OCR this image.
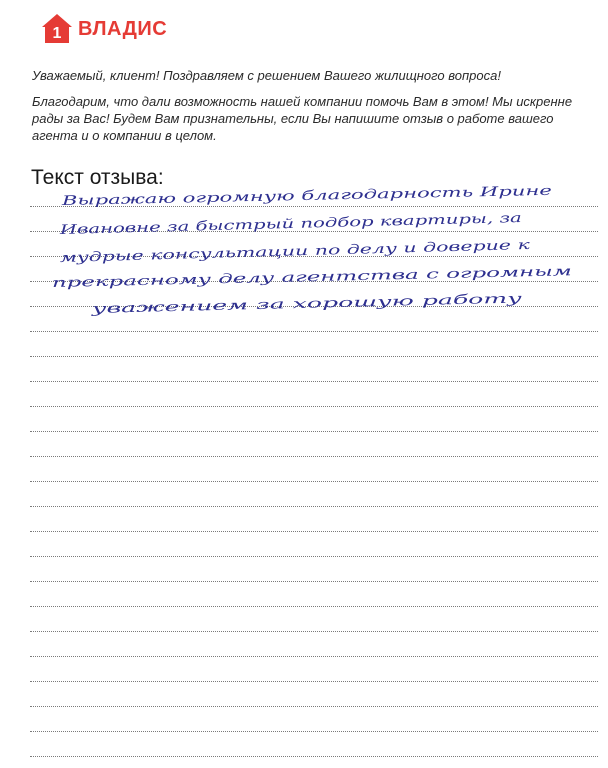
1 ВЛАДИС

Уважаемый, клиент! Поздравляем с решением Вашего жилищного вопроса!

Благодарим, что дали возможность нашей компании помочь Вам в этом! Мы искренне рады за Вас! Будем Вам признательны, если Вы напишите отзыв о работе вашего агента и о компании в целом.

Текст отзыва:
Выражаю огромную благодарность Ирине
Ивановне за быстрый подбор квартиры, за
мудрые консультации по делу и доверие к
прекрасному делу агентства с огромным
уважением за хорошую работу
